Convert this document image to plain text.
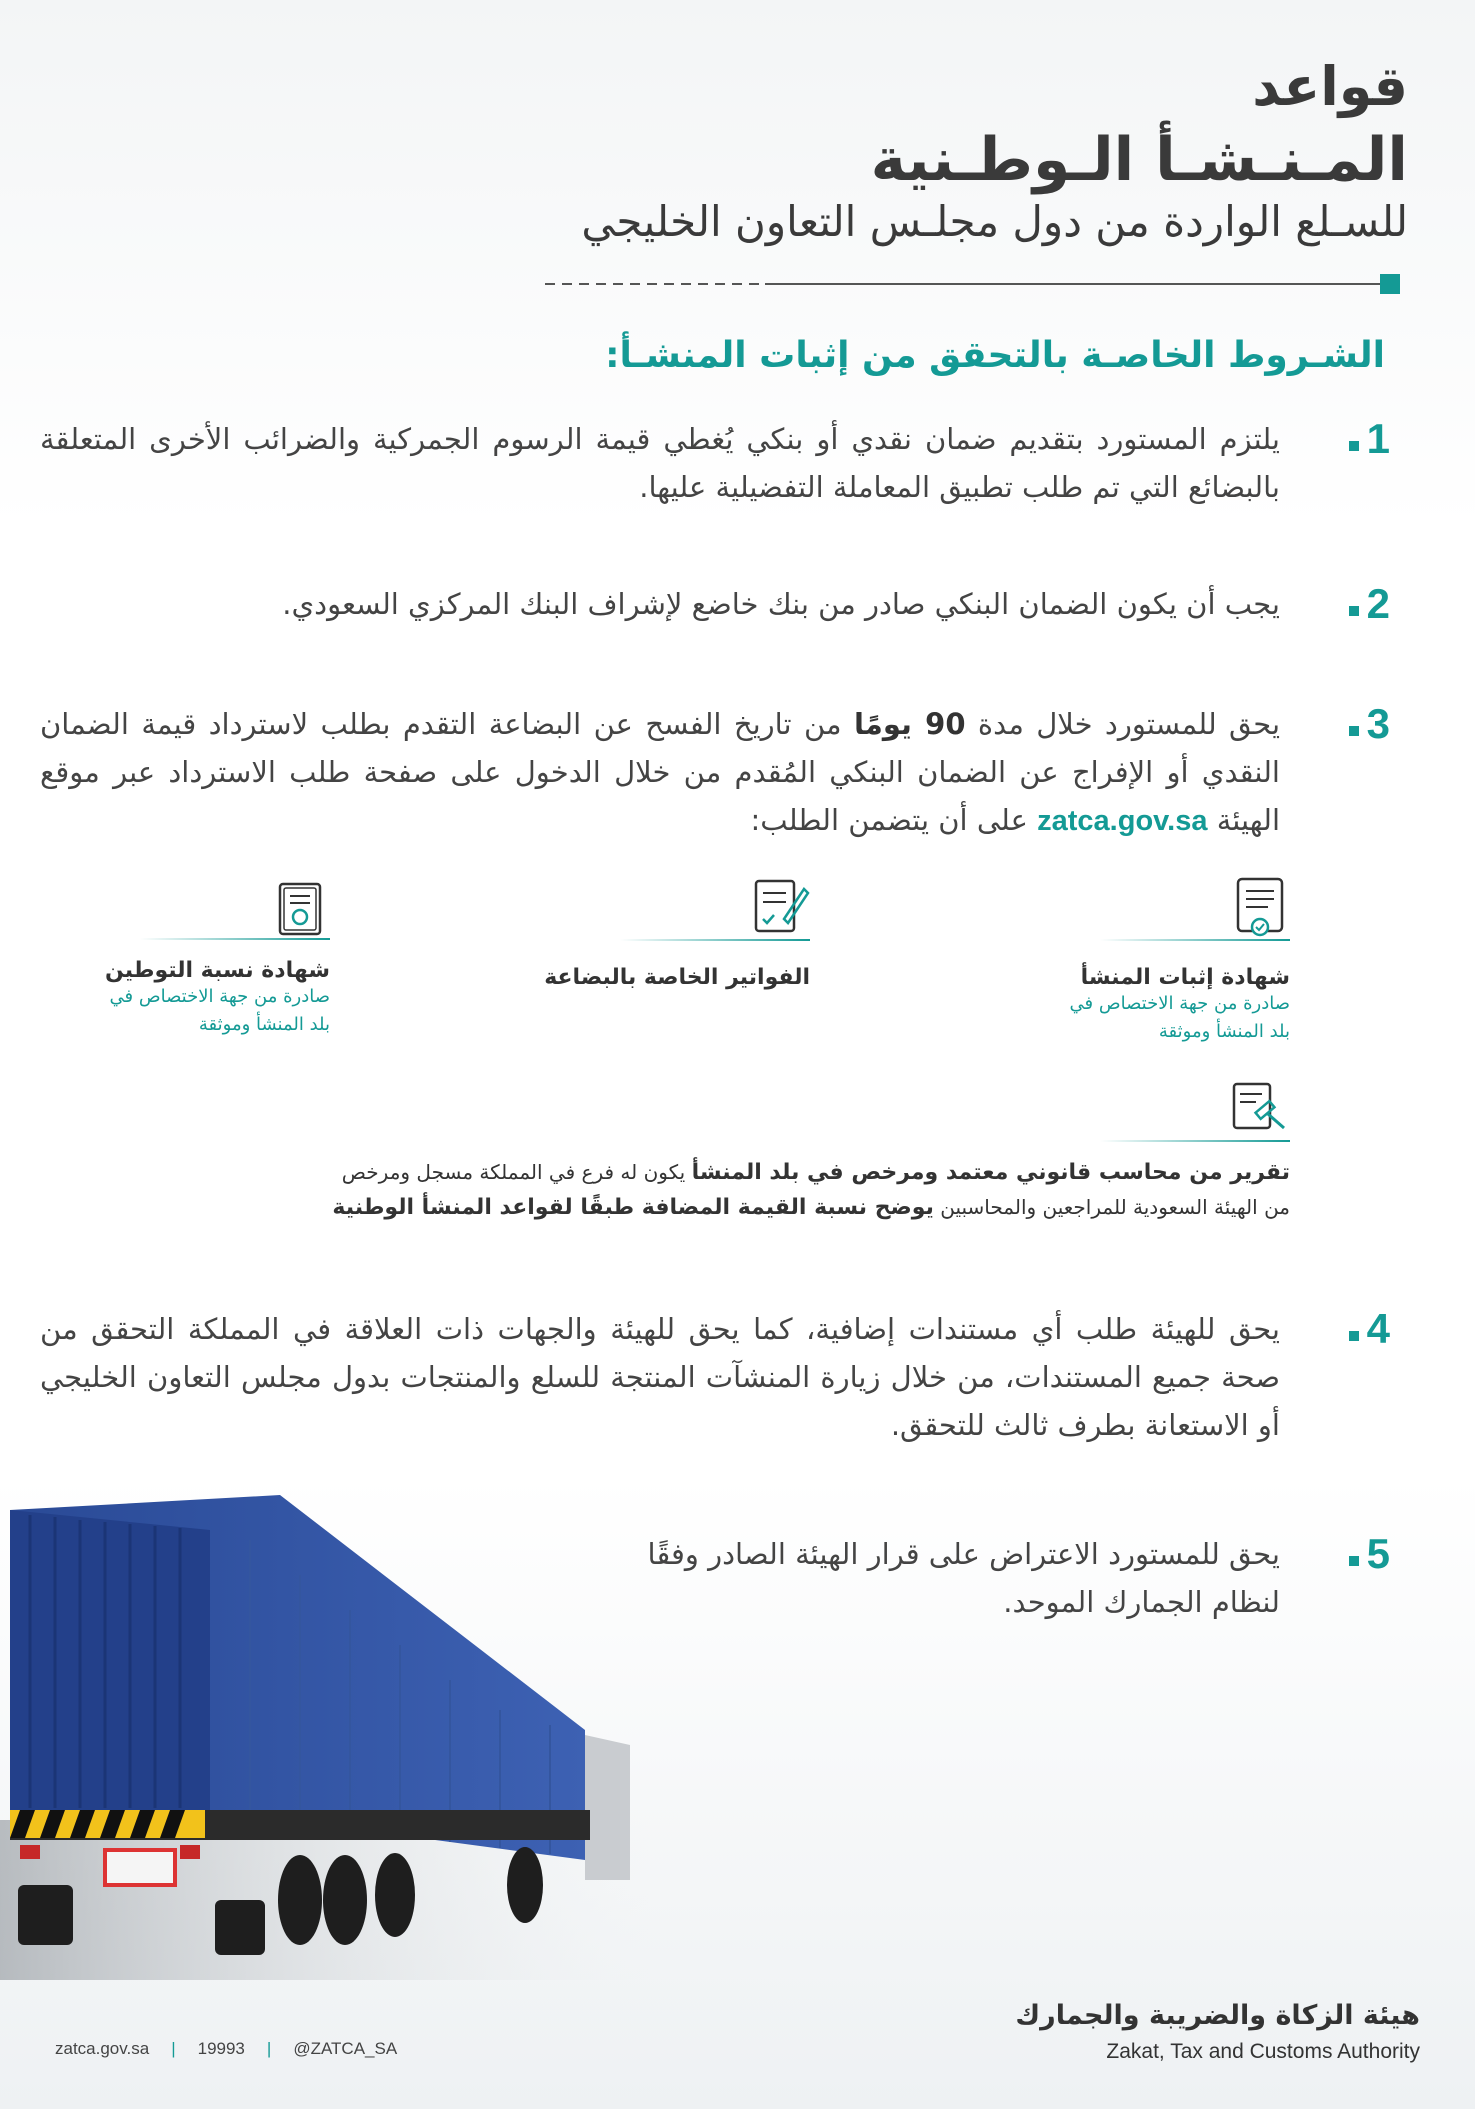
قواعد
المـنـشـأ الـوطـنية
للسـلع الواردة من دول مجلـس التعاون الخليجي
الشـروط الخاصـة بالتحقق من إثبات المنشـأ:
1
يلتزم المستورد بتقديم ضمان نقدي أو بنكي يُغطي قيمة الرسوم الجمركية والضرائب الأخرى المتعلقة بالبضائع التي تم طلب تطبيق المعاملة التفضيلية عليها.
2
يجب أن يكون الضمان البنكي صادر من بنك خاضع لإشراف البنك المركزي السعودي.
3
يحق للمستورد خلال مدة 90 يومًا من تاريخ الفسح عن البضاعة التقدم بطلب لاسترداد قيمة الضمان النقدي أو الإفراج عن الضمان البنكي المُقدم من خلال الدخول على صفحة طلب الاسترداد عبر موقع الهيئة zatca.gov.sa على أن يتضمن الطلب:
شهادة إثبات المنشأ
صادرة من جهة الاختصاص في
بلد المنشأ وموثقة
الفواتير الخاصة بالبضاعة
شهادة نسبة التوطين
صادرة من جهة الاختصاص في
بلد المنشأ وموثقة
تقرير من محاسب قانوني معتمد ومرخص في بلد المنشأ يكون له فرع في المملكة مسجل ومرخص
من الهيئة السعودية للمراجعين والمحاسبين يوضح نسبة القيمة المضافة طبقًا لقواعد المنشأ الوطنية
4
يحق للهيئة طلب أي مستندات إضافية، كما يحق للهيئة والجهات ذات العلاقة في المملكة التحقق من صحة جميع المستندات، من خلال زيارة المنشآت المنتجة للسلع والمنتجات بدول مجلس التعاون الخليجي أو الاستعانة بطرف ثالث للتحقق.
5
يحق للمستورد الاعتراض على قرار الهيئة الصادر وفقًا لنظام الجمارك الموحد.
zatca.gov.sa | 19993 | @ZATCA_SA
هيئة الزكاة والضريبة والجمارك
Zakat, Tax and Customs Authority
